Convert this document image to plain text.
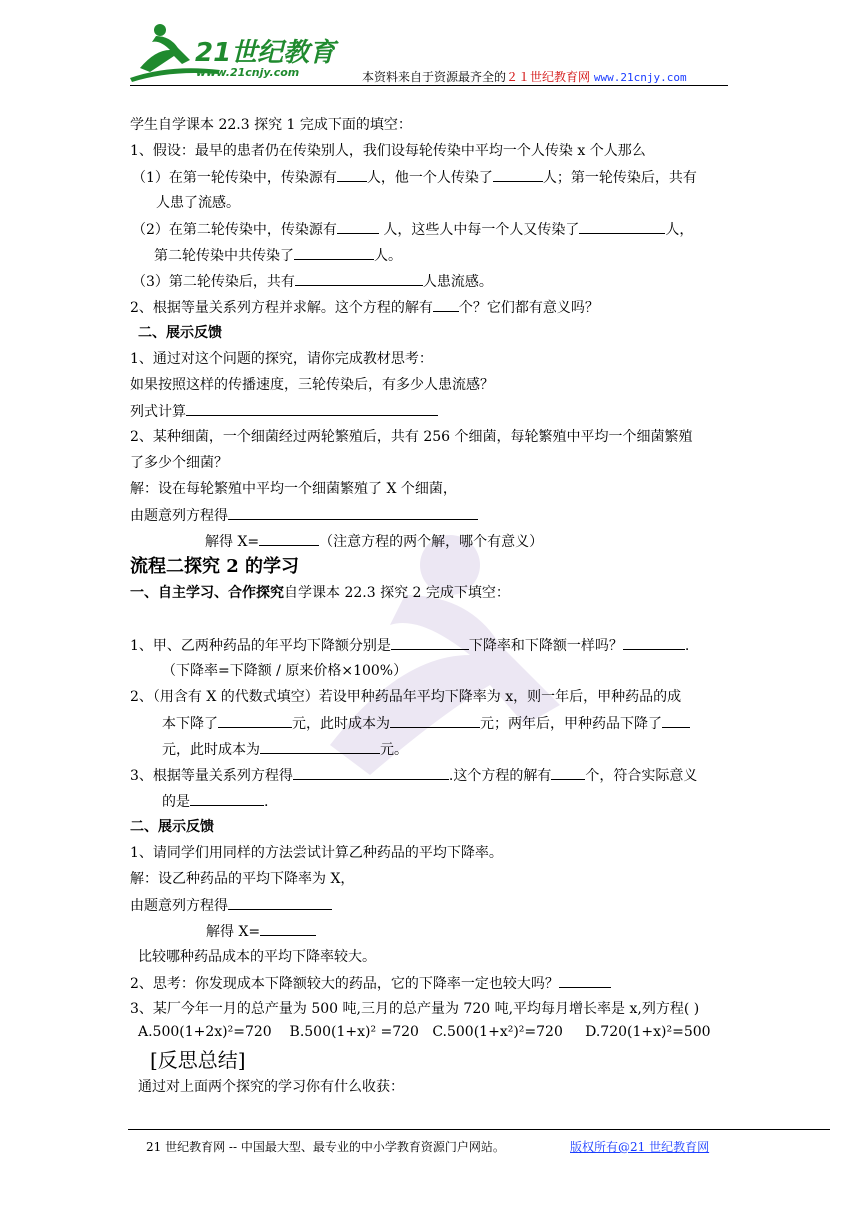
21世纪教育
www.21cnjy.com	本资料来自于资源最齐全的２１世纪教育网 www.21cnjy.com
学生自学课本 22.3 探究 1 完成下面的填空：
1、假设：最早的患者仍在传染别人，我们设每轮传染中平均一个人传染 x 个人那么
（1）在第一轮传染中，传染源有 人，他一个人传染了	人；第一轮传染后，共有
人患了流感。
（2）在第二轮传染中，传染源有	人，这些人中每一个人又传染了	人，
第二轮传染中共传染了	人。
（3）第二轮传染后，共有	人患流感。
2、根据等量关系列方程并求解。这个方程的解有 个？它们都有意义吗？
二、展示反馈
1、通过对这个问题的探究，请你完成教材思考：
如果按照这样的传播速度，三轮传染后，有多少人患流感？
列式计算
2、某种细菌，一个细菌经过两轮繁殖后，共有 256 个细菌，每轮繁殖中平均一个细菌繁殖
了多少个细菌？
解：设在每轮繁殖中平均一个细菌繁殖了 X 个细菌，
由题意列方程得
解得 X=	（注意方程的两个解，哪个有意义）
流程二探究 2 的学习
一、自主学习、合作探究自学课本 22.3 探究 2 完成下填空：
1、甲、乙两种药品的年平均下降额分别是	下降率和下降额一样吗？	.
（下降率=下降额 / 原来价格×100%）
2、（用含有 X 的代数式填空）若设甲种药品年平均下降率为 x，则一年后，甲种药品的成
本下降了	元，此时成本为	元；两年后，甲种药品下降了
元，此时成本为	元。
3、根据等量关系列方程得	.这个方程的解有 个，符合实际意义
的是	.
二、展示反馈
1、请同学们用同样的方法尝试计算乙种药品的平均下降率。
解：设乙种药品的平均下降率为 X，
由题意列方程得
解得 X=
比较哪种药品成本的平均下降率较大。
2、思考：你发现成本下降额较大的药品，它的下降率一定也较大吗？
3、某厂今年一月的总产量为 500 吨,三月的总产量为 720 吨,平均每月增长率是 x,列方程( )
A.500(1+2x)²=720 B.500(1+x)² =720 C.500(1+x²)²=720 D.720(1+x)²=500
[反思总结]
通过对上面两个探究的学习你有什么收获：
21 世纪教育网 -- 中国最大型、最专业的中小学教育资源门户网站。	版权所有@21 世纪教育网
